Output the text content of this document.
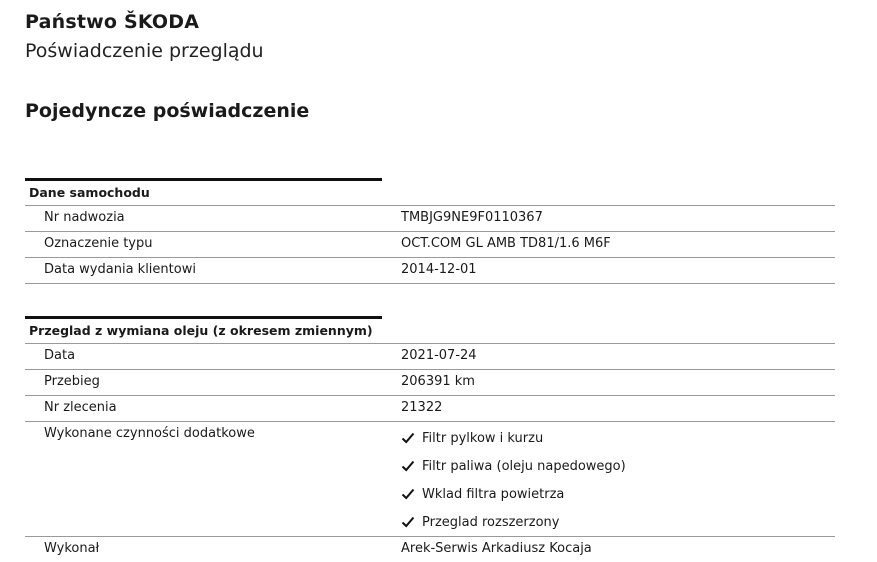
Państwo ŠKODA
Poświadczenie przeglądu
Pojedyncze poświadczenie
Dane samochodu
Nr nadwozia	TMBJG9NE9F0110367
Oznaczenie typu	OCT.COM GL AMB TD81/1.6 M6F
Data wydania klientowi	2014-12-01
Przeglad z wymiana oleju (z okresem zmiennym)
Data	2021-07-24
Przebieg	206391 km
Nr zlecenia	21322
Wykonane czynności dodatkowe	Filtr pylkow i kurzu
Filtr paliwa (oleju napedowego)
Wklad filtra powietrza
Przeglad rozszerzony
Wykonał	Arek-Serwis Arkadiusz Kocaja
